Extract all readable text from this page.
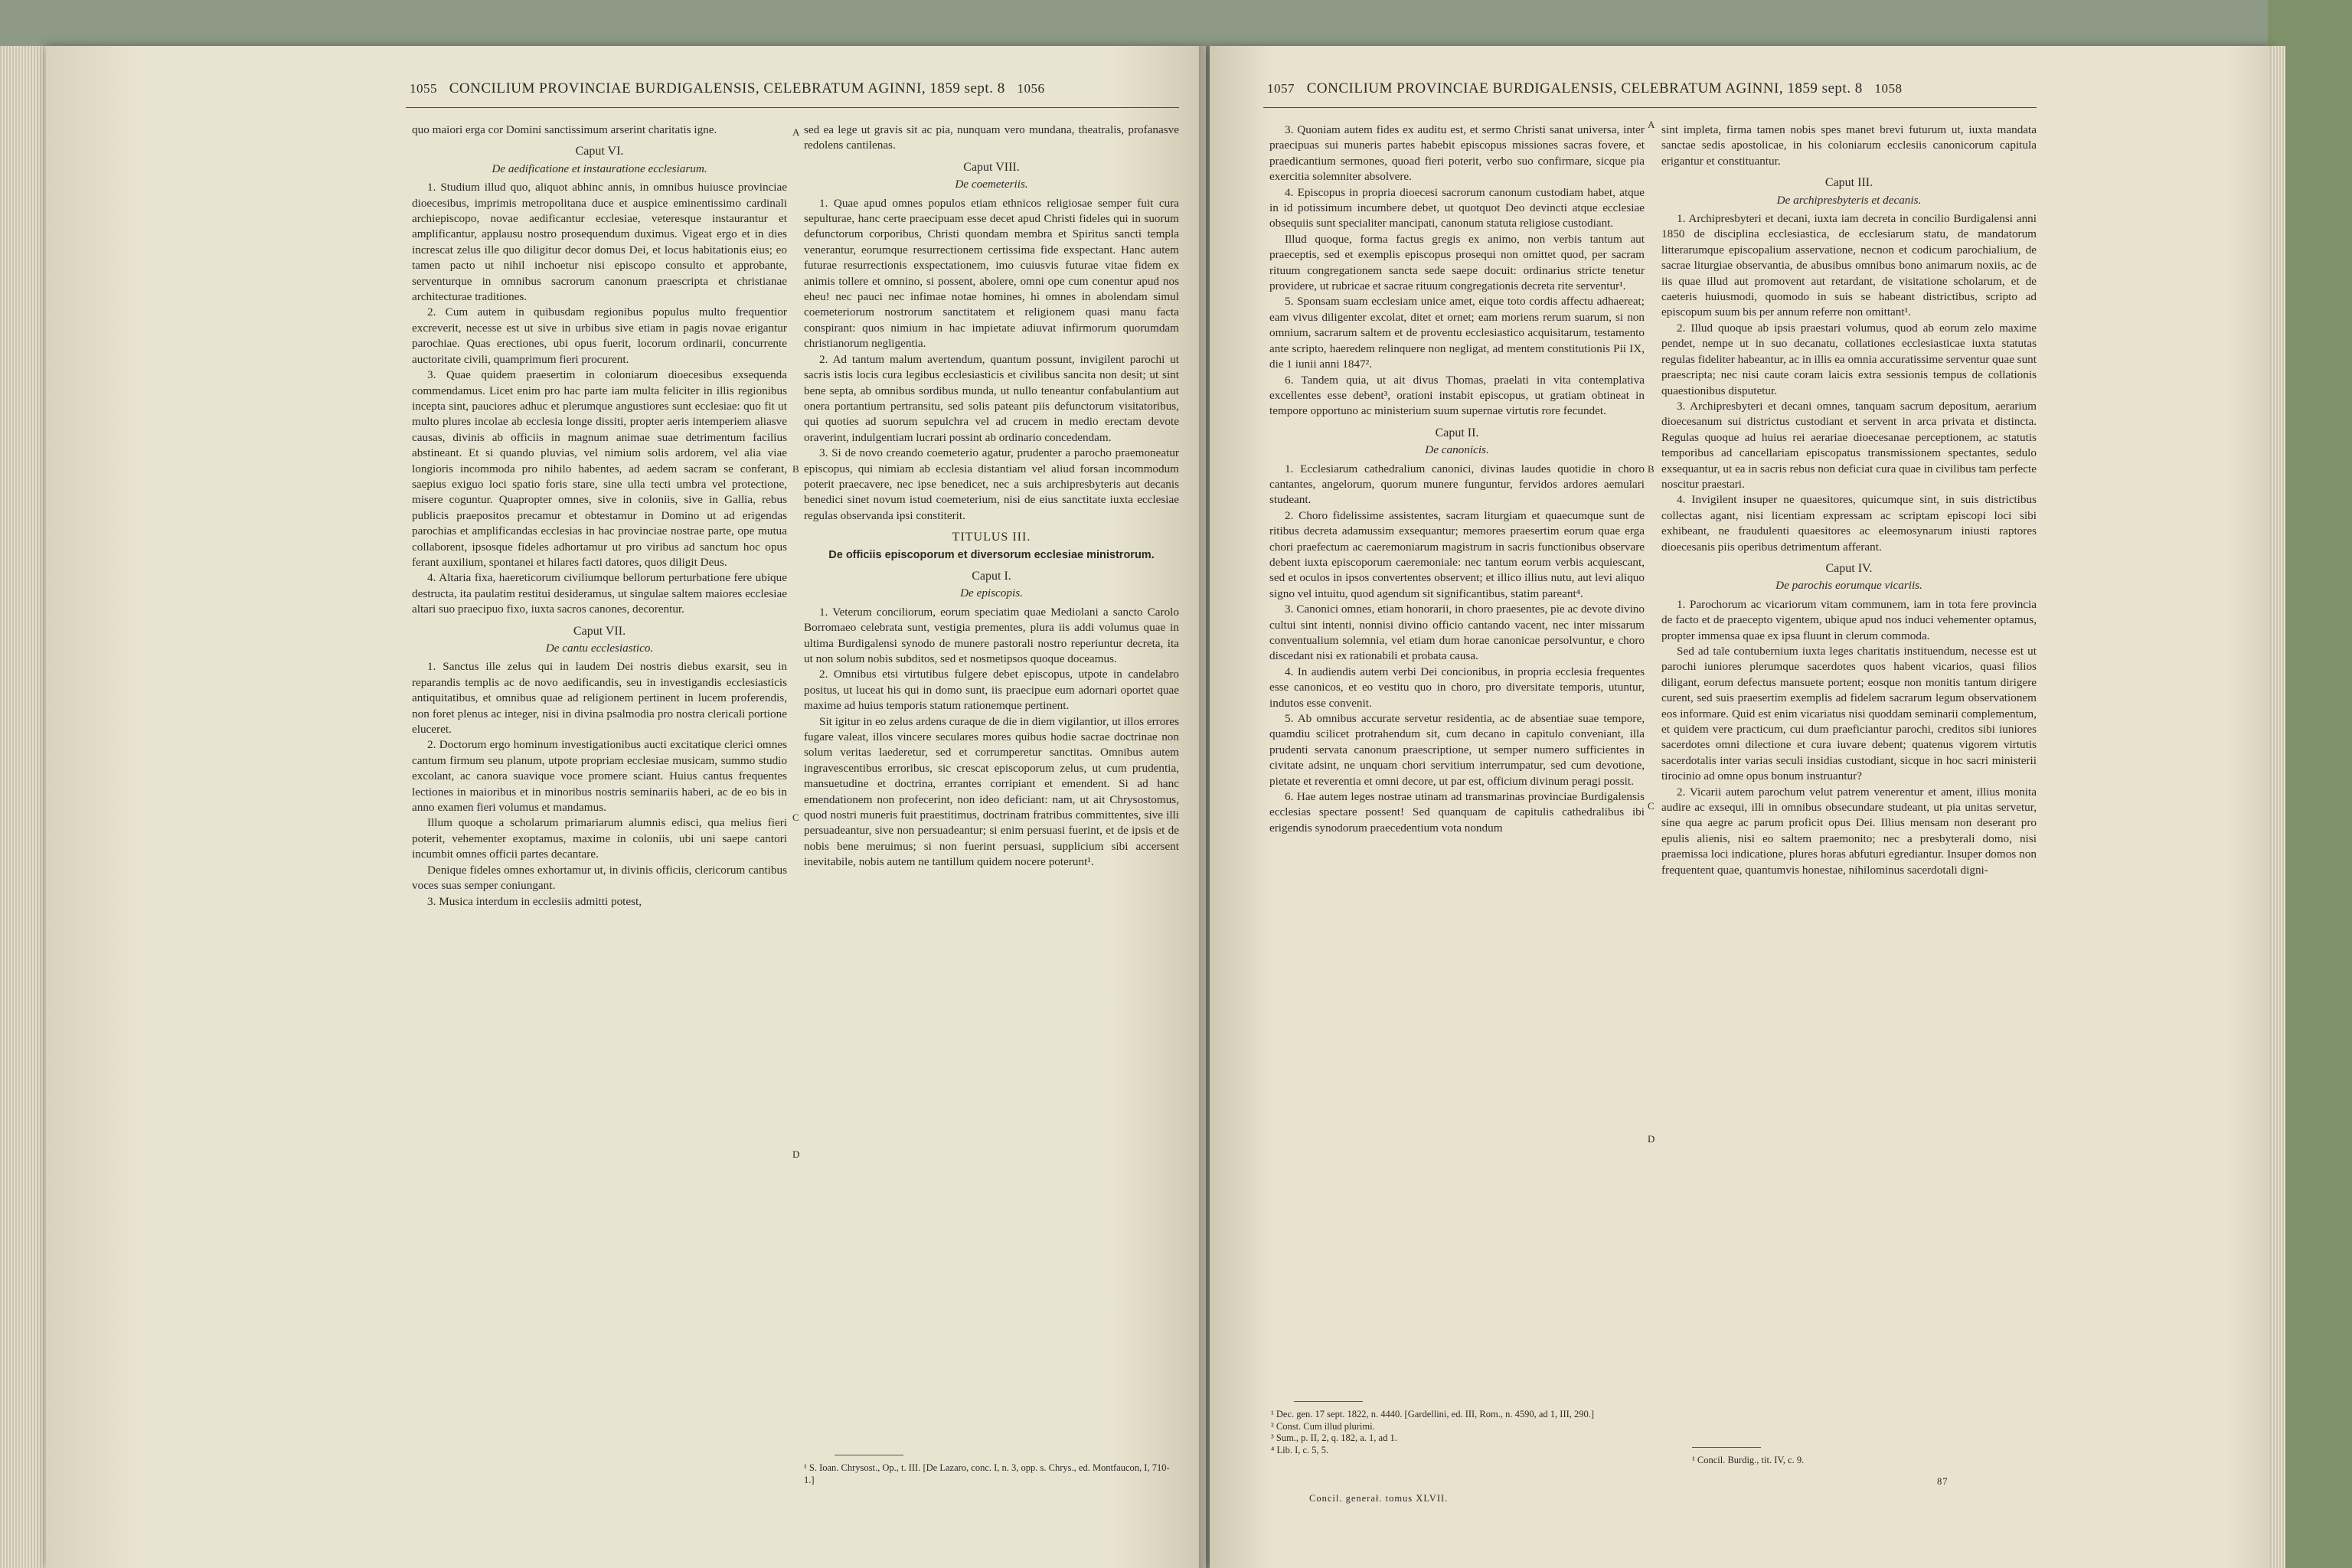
1055 CONCILIUM PROVINCIAE BURDIGALENSIS, CELEBRATUM AGINNI, 1859 sept. 8 1056

quo maiori erga cor Domini sanctissimum arserint charitatis igne.

Caput VI.

De aedificatione et instauratione ecclesiarum.

1. Studium illud quo, aliquot abhinc annis, in omnibus huiusce provinciae dioecesibus, imprimis metropolitana duce et auspice eminentissimo cardinali archiepiscopo, novae aedificantur ecclesiae, veteresque instaurantur et amplificantur, applausu nostro prosequendum duximus. Vigeat ergo et in dies increscat zelus ille quo diligitur decor domus Dei, et locus habitationis eius; eo tamen pacto ut nihil inchoetur nisi episcopo consulto et approbante, serventurque in omnibus sacrorum canonum praescripta et christianae architecturae traditiones.

2. Cum autem in quibusdam regionibus populus multo frequentior excreverit, necesse est ut sive in urbibus sive etiam in pagis novae erigantur parochiae. Quas erectiones, ubi opus fuerit, locorum ordinarii, concurrente auctoritate civili, quamprimum fieri procurent.

3. Quae quidem praesertim in coloniarum dioecesibus exsequenda commendamus. Licet enim pro hac parte iam multa feliciter in illis regionibus incepta sint, pauciores adhuc et plerumque angustiores sunt ecclesiae: quo fit ut multo plures incolae ab ecclesia longe dissiti, propter aeris intemperiem aliasve causas, divinis ab officiis in magnum animae suae detrimentum facilius abstineant. Et si quando pluvias, vel nimium solis ardorem, vel alia viae longioris incommoda pro nihilo habentes, ad aedem sacram se conferant, saepius exiguo loci spatio foris stare, sine ulla tecti umbra vel protectione, misere coguntur. Quapropter omnes, sive in coloniis, sive in Gallia, rebus publicis praepositos precamur et obtestamur in Domino ut ad erigendas parochias et amplificandas ecclesias in hac provinciae nostrae parte, ope mutua collaborent, ipsosque fideles adhortamur ut pro viribus ad sanctum hoc opus ferant auxilium, spontanei et hilares facti datores, quos diligit Deus.

4. Altaria fixa, haereticorum civiliumque bellorum perturbatione fere ubique destructa, ita paulatim restitui desideramus, ut singulae saltem maiores ecclesiae altari suo praecipuo fixo, iuxta sacros canones, decorentur.

Caput VII.

De cantu ecclesiastico.

1. Sanctus ille zelus qui in laudem Dei nostris diebus exarsit, seu in reparandis templis ac de novo aedificandis, seu in investigandis ecclesiasticis antiquitatibus, et omnibus quae ad religionem pertinent in lucem proferendis, non foret plenus ac integer, nisi in divina psalmodia pro nostra clericali portione eluceret.

2. Doctorum ergo hominum investigationibus aucti excitatique clerici omnes cantum firmum seu planum, utpote propriam ecclesiae musicam, summo studio excolant, ac canora suavique voce promere sciant. Huius cantus frequentes lectiones in maioribus et in minoribus nostris seminariis haberi, ac de eo bis in anno examen fieri volumus et mandamus.

Illum quoque a scholarum primariarum alumnis edisci, qua melius fieri poterit, vehementer exoptamus, maxime in coloniis, ubi uni saepe cantori incumbit omnes officii partes decantare.

Denique fideles omnes exhortamur ut, in divinis officiis, clericorum cantibus voces suas semper coniungant.

3. Musica interdum in ecclesiis admitti potest,

A
B
C
D

sed ea lege ut gravis sit ac pia, nunquam vero mundana, theatralis, profanasve redolens cantilenas.

Caput VIII.

De coemeteriis.

1. Quae apud omnes populos etiam ethnicos religiosae semper fuit cura sepulturae, hanc certe praecipuam esse decet apud Christi fideles qui in suorum defunctorum corporibus, Christi quondam membra et Spiritus sancti templa venerantur, eorumque resurrectionem certissima fide exspectant. Hanc autem futurae resurrectionis exspectationem, imo cuiusvis futurae vitae fidem ex animis tollere et omnino, si possent, abolere, omni ope cum conentur apud nos eheu! nec pauci nec infimae notae homines, hi omnes in abolendam simul coemeteriorum nostrorum sanctitatem et religionem quasi manu facta conspirant: quos nimium in hac impietate adiuvat infirmorum quorumdam christianorum negligentia.

2. Ad tantum malum avertendum, quantum possunt, invigilent parochi ut sacris istis locis cura legibus ecclesiasticis et civilibus sancita non desit; ut sint bene septa, ab omnibus sordibus munda, ut nullo teneantur confabulantium aut onera portantium pertransitu, sed solis pateant piis defunctorum visitatoribus, qui quoties ad suorum sepulchra vel ad crucem in medio erectam devote oraverint, indulgentiam lucrari possint ab ordinario concedendam.

3. Si de novo creando coemeterio agatur, prudenter a parocho praemoneatur episcopus, qui nimiam ab ecclesia distantiam vel aliud forsan incommodum poterit praecavere, nec ipse benedicet, nec a suis archipresbyteris aut decanis benedici sinet novum istud coemeterium, nisi de eius sanctitate iuxta ecclesiae regulas observanda ipsi constiterit.

TITULUS III.

De officiis episcoporum et diversorum ecclesiae ministrorum.

Caput I.

De episcopis.

1. Veterum conciliorum, eorum speciatim quae Mediolani a sancto Carolo Borromaeo celebrata sunt, vestigia prementes, plura iis addi volumus quae in ultima Burdigalensi synodo de munere pastorali nostro reperiuntur decreta, ita ut non solum nobis subditos, sed et nosmetipsos quoque doceamus.

2. Omnibus etsi virtutibus fulgere debet episcopus, utpote in candelabro positus, ut luceat his qui in domo sunt, iis praecipue eum adornari oportet quae maxime ad huius temporis statum rationemque pertinent.

Sit igitur in eo zelus ardens curaque de die in diem vigilantior, ut illos errores fugare valeat, illos vincere seculares mores quibus hodie sacrae doctrinae non solum veritas laederetur, sed et corrumperetur sanctitas. Omnibus autem ingravescentibus erroribus, sic crescat episcoporum zelus, ut cum prudentia, mansuetudine et doctrina, errantes corripiant et emendent. Si ad hanc emendationem non profecerint, non ideo deficiant: nam, ut ait Chrysostomus, quod nostri muneris fuit praestitimus, doctrinam fratribus committentes, sive illi persuadeantur, sive non persuadeantur; si enim persuasi fuerint, et de ipsis et de nobis bene meruimus; si non fuerint persuasi, supplicium sibi accersent inevitabile, nobis autem ne tantillum quidem nocere poterunt¹.

¹ S. Ioan. Chrysost., Op., t. III. [De Lazaro, conc. I, n. 3, opp. s. Chrys., ed. Montfaucon, I, 710-1.]

1057 CONCILIUM PROVINCIAE BURDIGALENSIS, CELEBRATUM AGINNI, 1859 sept. 8 1058

3. Quoniam autem fides ex auditu est, et sermo Christi sanat universa, inter praecipuas sui muneris partes habebit episcopus missiones sacras fovere, et praedicantium sermones, quoad fieri poterit, verbo suo confirmare, sicque pia exercitia solemniter absolvere.

4. Episcopus in propria dioecesi sacrorum canonum custodiam habet, atque in id potissimum incumbere debet, ut quotquot Deo devincti atque ecclesiae obsequiis sunt specialiter mancipati, canonum statuta religiose custodiant.

Illud quoque, forma factus gregis ex animo, non verbis tantum aut praeceptis, sed et exemplis episcopus prosequi non omittet quod, per sacram rituum congregationem sancta sede saepe docuit: ordinarius stricte tenetur providere, ut rubricae et sacrae rituum congregationis decreta rite serventur¹.

5. Sponsam suam ecclesiam unice amet, eique toto cordis affectu adhaereat; eam vivus diligenter excolat, ditet et ornet; eam moriens rerum suarum, si non omnium, sacrarum saltem et de proventu ecclesiastico acquisitarum, testamento ante scripto, haeredem relinquere non negligat, ad mentem constitutionis Pii IX, die 1 iunii anni 1847².

6. Tandem quia, ut ait divus Thomas, praelati in vita contemplativa excellentes esse debent³, orationi instabit episcopus, ut gratiam obtineat in tempore opportuno ac ministerium suum supernae virtutis rore fecundet.

Caput II.

De canonicis.

1. Ecclesiarum cathedralium canonici, divinas laudes quotidie in choro cantantes, angelorum, quorum munere funguntur, fervidos ardores aemulari studeant.

2. Choro fidelissime assistentes, sacram liturgiam et quaecumque sunt de ritibus decreta adamussim exsequantur; memores praesertim eorum quae erga chori praefectum ac caeremoniarum magistrum in sacris functionibus observare debent iuxta episcoporum caeremoniale: nec tantum eorum verbis acquiescant, sed et oculos in ipsos convertentes observent; et illico illius nutu, aut levi aliquo signo vel intuitu, quod agendum sit significantibus, statim pareant⁴.

3. Canonici omnes, etiam honorarii, in choro praesentes, pie ac devote divino cultui sint intenti, nonnisi divino officio cantando vacent, nec inter missarum conventualium solemnia, vel etiam dum horae canonicae persolvuntur, e choro discedant nisi ex rationabili et probata causa.

4. In audiendis autem verbi Dei concionibus, in propria ecclesia frequentes esse canonicos, et eo vestitu quo in choro, pro diversitate temporis, utuntur, indutos esse convenit.

5. Ab omnibus accurate servetur residentia, ac de absentiae suae tempore, quamdiu scilicet protrahendum sit, cum decano in capitulo conveniant, illa prudenti servata canonum praescriptione, ut semper numero sufficientes in civitate adsint, ne unquam chori servitium interrumpatur, sed cum devotione, pietate et reverentia et omni decore, ut par est, officium divinum peragi possit.

6. Hae autem leges nostrae utinam ad transmarinas provinciae Burdigalensis ecclesias spectare possent! Sed quanquam de capitulis cathedralibus ibi erigendis synodorum praecedentium vota nondum

¹ Dec. gen. 17 sept. 1822, n. 4440. [Gardellini, ed. III, Rom., n. 4590, ad 1, III, 290.]

² Const. Cum illud plurimi.

³ Sum., p. II, 2, q. 182, a. 1, ad 1.

⁴ Lib. I, c. 5, 5.

Concil. generał. tomus XLVII.
A
B
C
D

sint impleta, firma tamen nobis spes manet brevi futurum ut, iuxta mandata sanctae sedis apostolicae, in his coloniarum ecclesiis canonicorum capitula erigantur et constituantur.

Caput III.

De archipresbyteris et decanis.

1. Archipresbyteri et decani, iuxta iam decreta in concilio Burdigalensi anni 1850 de disciplina ecclesiastica, de ecclesiarum statu, de mandatorum litterarumque episcopalium asservatione, necnon et codicum parochialium, de sacrae liturgiae observantia, de abusibus omnibus bono animarum noxiis, ac de iis quae illud aut promovent aut retardant, de visitatione scholarum, et de caeteris huiusmodi, quomodo in suis se habeant districtibus, scripto ad episcopum suum bis per annum referre non omittant¹.

2. Illud quoque ab ipsis praestari volumus, quod ab eorum zelo maxime pendet, nempe ut in suo decanatu, collationes ecclesiasticae iuxta statutas regulas fideliter habeantur, ac in illis ea omnia accuratissime serventur quae sunt praescripta; nec nisi caute coram laicis extra sessionis tempus de collationis quaestionibus disputetur.

3. Archipresbyteri et decani omnes, tanquam sacrum depositum, aerarium dioecesanum sui districtus custodiant et servent in arca privata et distincta. Regulas quoque ad huius rei aerariae dioecesanae perceptionem, ac statutis temporibus ad cancellariam episcopatus transmissionem spectantes, sedulo exsequantur, ut ea in sacris rebus non deficiat cura quae in civilibus tam perfecte noscitur praestari.

4. Invigilent insuper ne quaesitores, quicumque sint, in suis districtibus collectas agant, nisi licentiam expressam ac scriptam episcopi loci sibi exhibeant, ne fraudulenti quaesitores ac eleemosynarum iniusti raptores dioecesanis piis operibus detrimentum afferant.

Caput IV.

De parochis eorumque vicariis.

1. Parochorum ac vicariorum vitam communem, iam in tota fere provincia de facto et de praecepto vigentem, ubique apud nos induci vehementer optamus, propter immensa quae ex ipsa fluunt in clerum commoda.

Sed ad tale contubernium iuxta leges charitatis instituendum, necesse est ut parochi iuniores plerumque sacerdotes quos habent vicarios, quasi filios diligant, eorum defectus mansuete portent; eosque non monitis tantum dirigere curent, sed suis praesertim exemplis ad fidelem sacrarum legum observationem eos informare. Quid est enim vicariatus nisi quoddam seminarii complementum, et quidem vere practicum, cui dum praeficiantur parochi, creditos sibi iuniores sacerdotes omni dilectione et cura iuvare debent; quatenus vigorem virtutis sacerdotalis inter varias seculi insidias custodiant, sicque in hoc sacri ministerii tirocinio ad omne opus bonum instruantur?

2. Vicarii autem parochum velut patrem venerentur et ament, illius monita audire ac exsequi, illi in omnibus obsecundare studeant, ut pia unitas servetur, sine qua aegre ac parum proficit opus Dei. Illius mensam non deserant pro epulis alienis, nisi eo saltem praemonito; nec a presbyterali domo, nisi praemissa loci indicatione, plures horas abfuturi egrediantur. Insuper domos non frequentent quae, quantumvis honestae, nihilominus sacerdotali digni-

¹ Concil. Burdig., tit. IV, c. 9.

87
